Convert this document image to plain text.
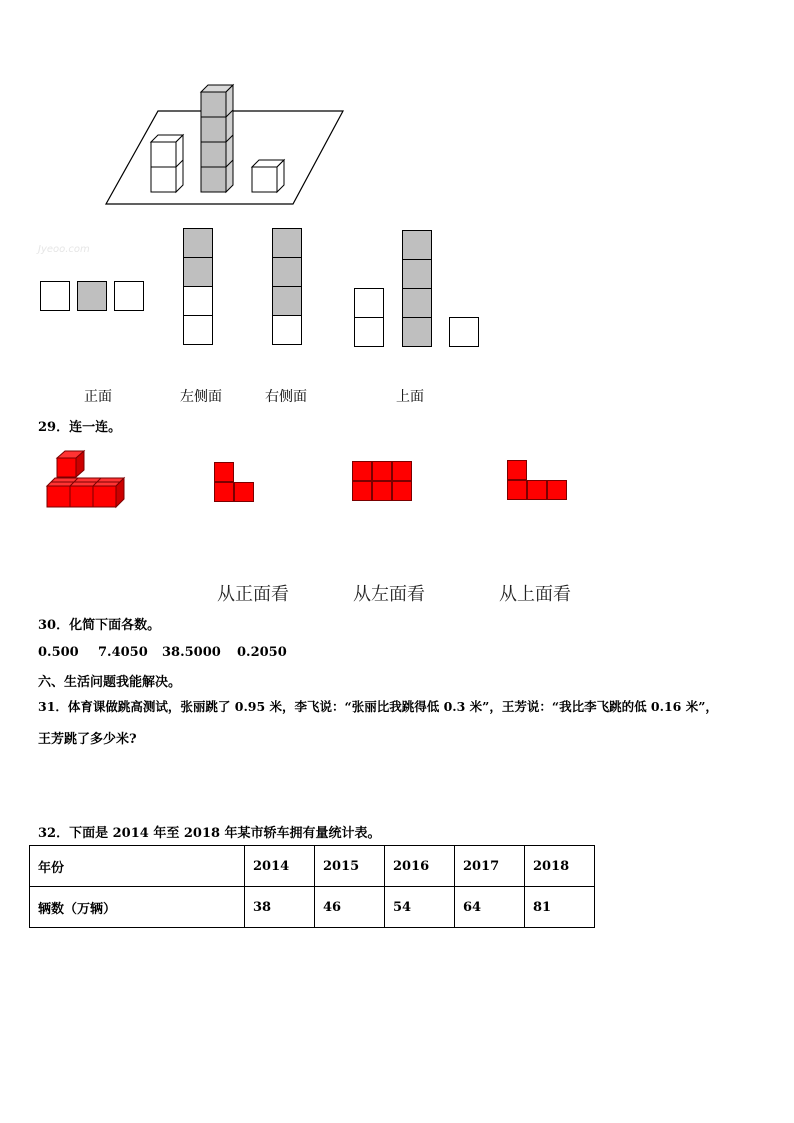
Jyeoo.com
正面	左侧面	右侧面	上面
29．连一连。
从正面看	从左面看	从上面看
30．化简下面各数。
0.500 7.4050 38.5000 0.2050
六、生活问题我能解决。
31．体育课做跳高测试，张丽跳了 0.95 米，李飞说：“张丽比我跳得低 0.3 米”，王芳说：“我比李飞跳的低 0.16 米”，
王芳跳了多少米?
32．下面是 2014 年至 2018 年某市轿车拥有量统计表。
年份	2014	2015	2016	2017	2018
辆数（万辆）	38	46	54	64	81
